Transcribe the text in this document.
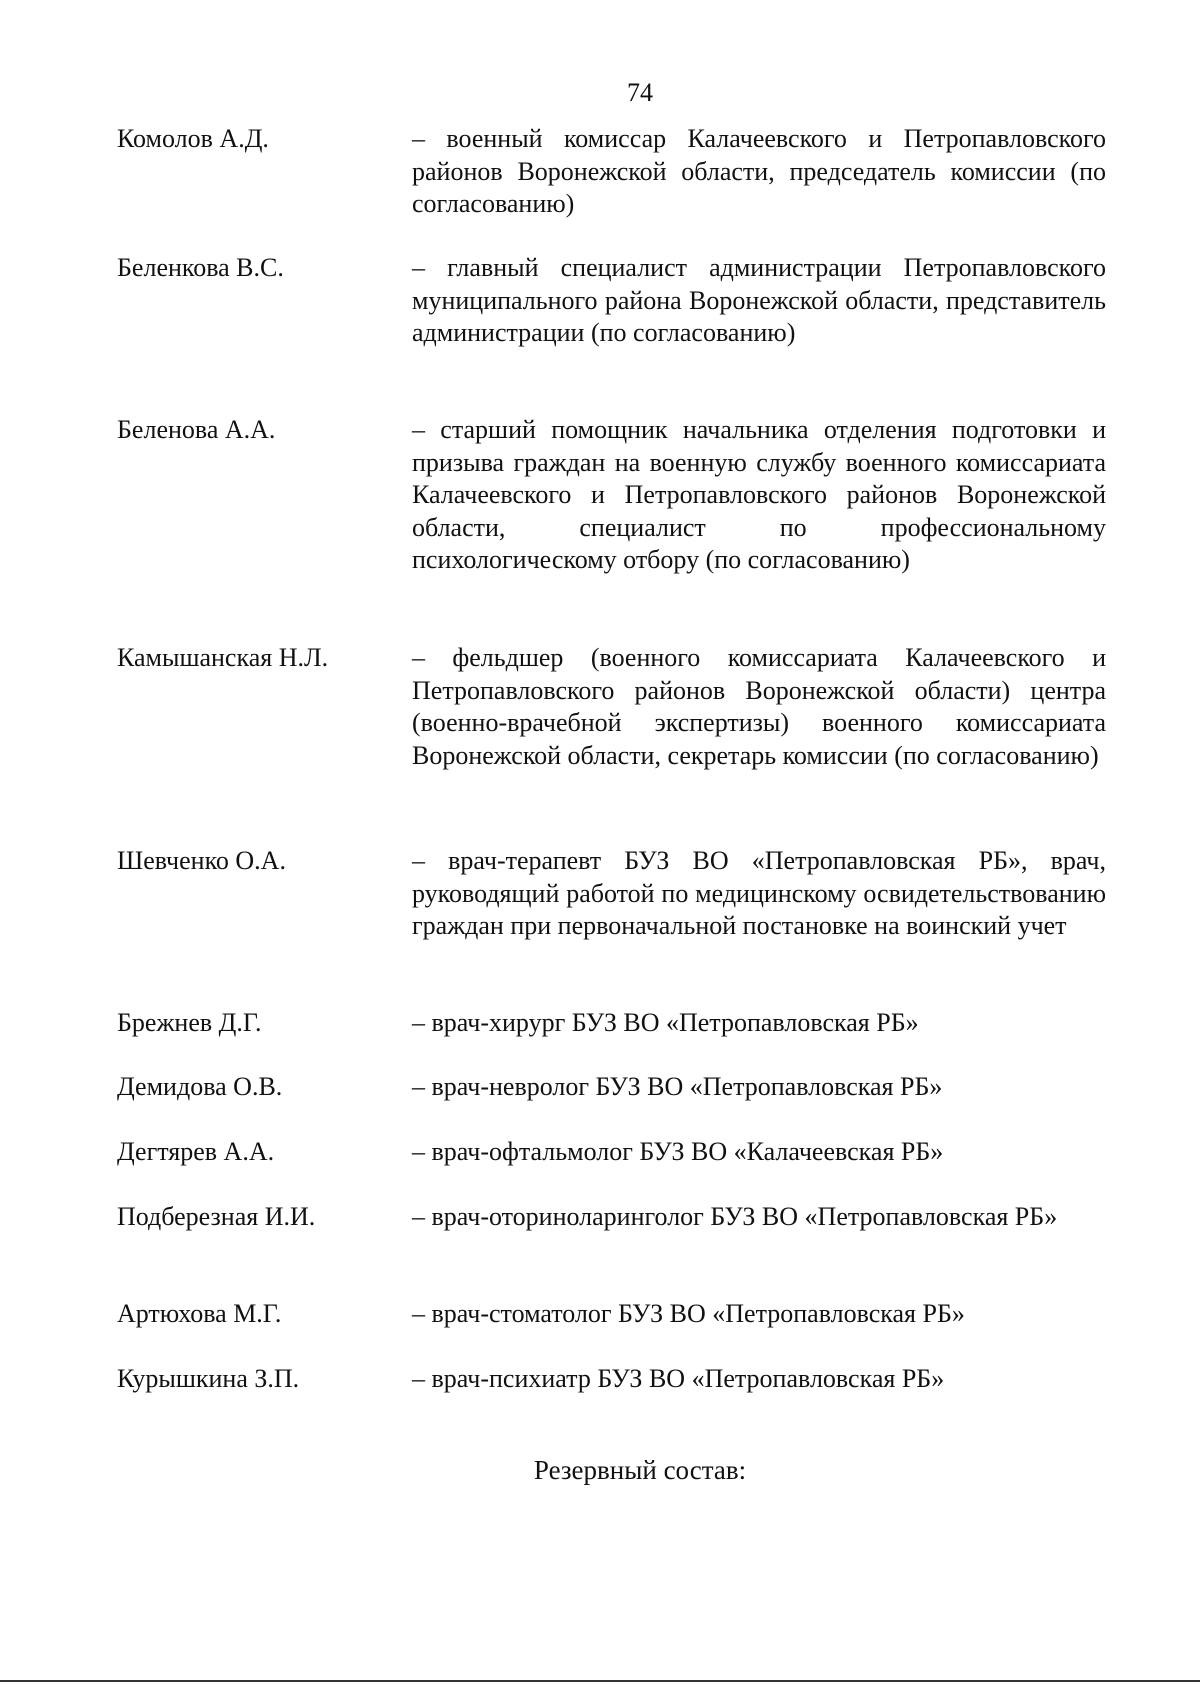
74
Комолов А.Д.	– военный комиссар Калачеевского и Петропавловского районов Воронежской области, председатель комиссии (по согласованию)
Беленкова В.С.	– главный специалист администрации Петропавловского муниципального района Воронежской области, представитель администрации (по согласованию)
Беленова А.А.	– старший помощник начальника отделения подготовки и призыва граждан на военную службу военного комиссариата Калачеевского и Петропавловского районов Воронежской области, специалист по профессиональному психологическому отбору (по согласованию)
Камышанская Н.Л.	– фельдшер (военного комиссариата Калачеевского и Петропавловского районов Воронежской области) центра (военно-врачебной экспертизы) военного комиссариата Воронежской области, секретарь комиссии (по согласованию)
Шевченко О.А.	– врач-терапевт БУЗ ВО «Петропавловская РБ», врач, руководящий работой по медицинскому освидетельствованию граждан при первоначальной постановке на воинский учет
Брежнев Д.Г.	– врач-хирург БУЗ ВО «Петропавловская РБ»
Демидова О.В.	– врач-невролог БУЗ ВО «Петропавловская РБ»
Дегтярев А.А.	– врач-офтальмолог БУЗ ВО «Калачеевская РБ»
Подберезная И.И.	– врач-оториноларинголог БУЗ ВО «Петропавловская РБ»
Артюхова М.Г.	– врач-стоматолог БУЗ ВО «Петропавловская РБ»
Курышкина З.П.	– врач-психиатр БУЗ ВО «Петропавловская РБ»
Резервный состав:
